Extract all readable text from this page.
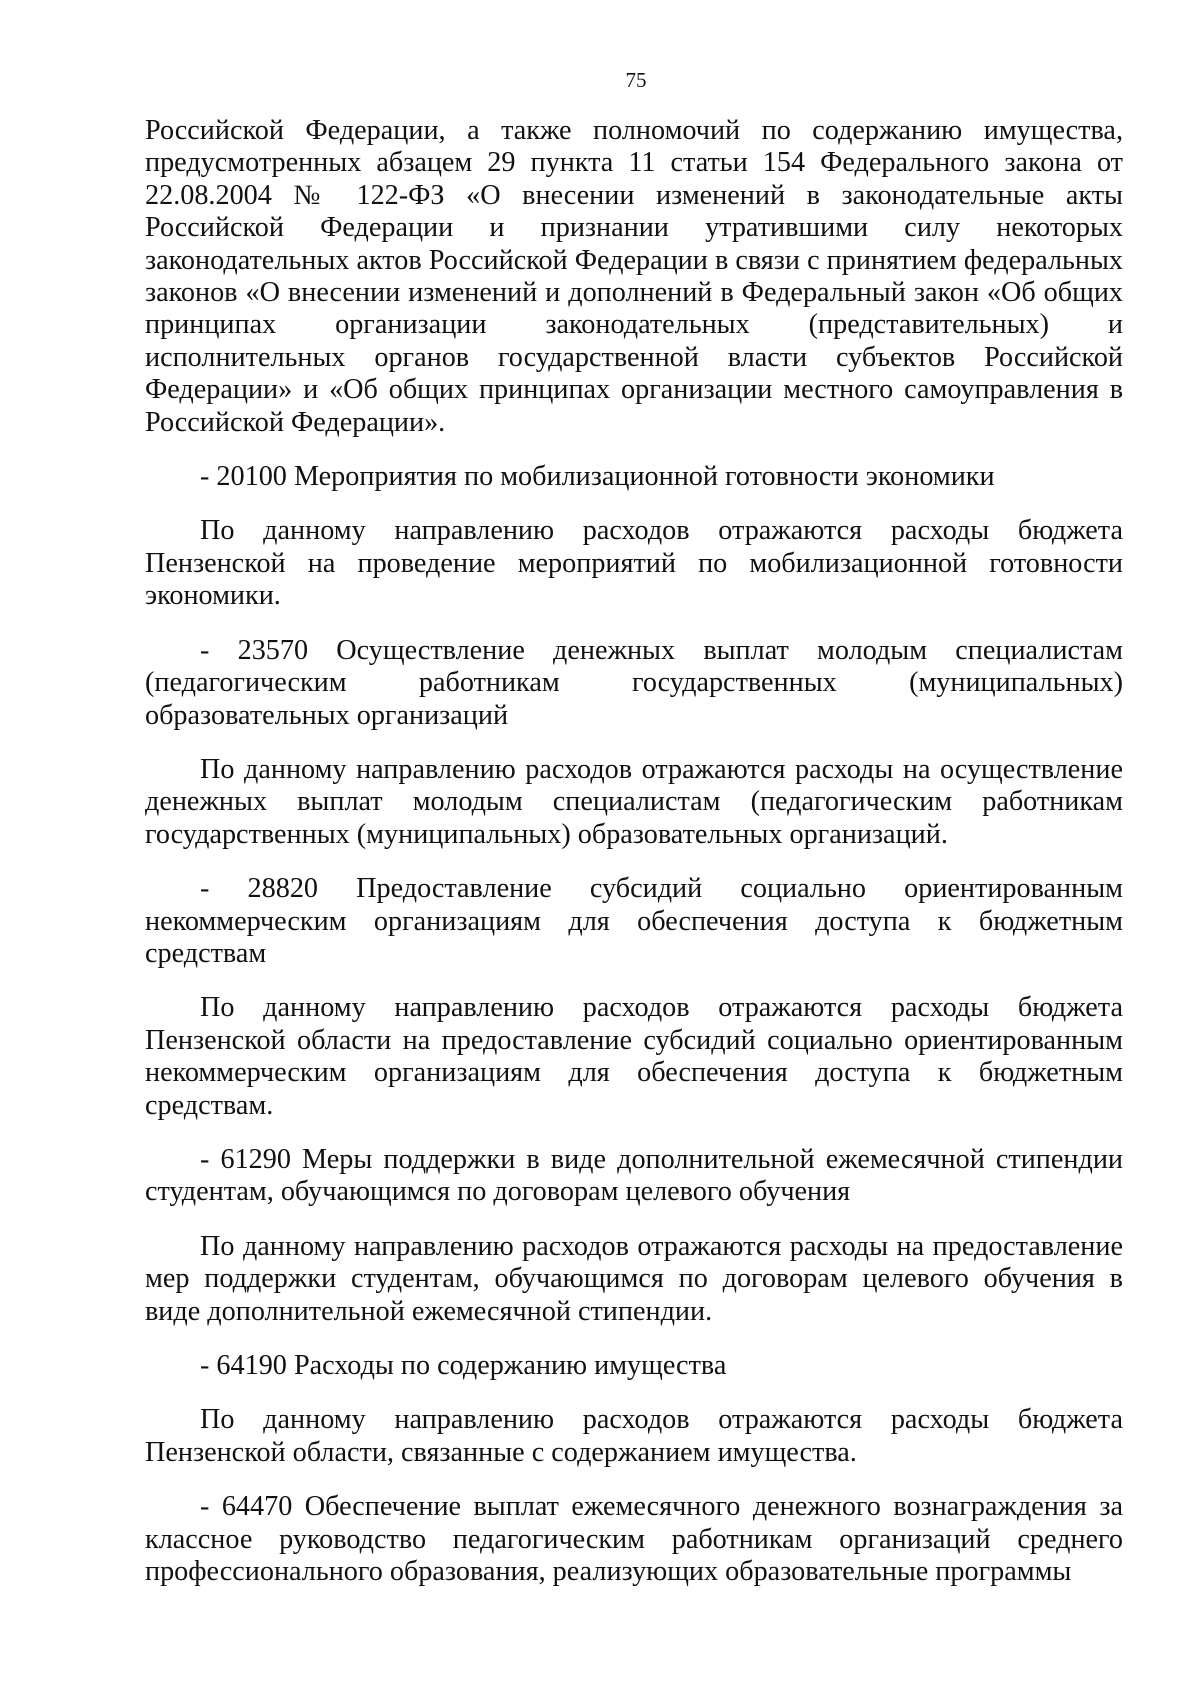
75

Российской Федерации, а также полномочий по содержанию имущества, предусмотренных абзацем 29 пункта 11 статьи 154 Федерального закона от 22.08.2004 № 122-ФЗ «О внесении изменений в законодательные акты Российской Федерации и признании утратившими силу некоторых законодательных актов Российской Федерации в связи с принятием федеральных законов «О внесении изменений и дополнений в Федеральный закон «Об общих принципах организации законодательных (представительных) и исполнительных органов государственной власти субъектов Российской Федерации» и «Об общих принципах организации местного самоуправления в Российской Федерации».

- 20100 Мероприятия по мобилизационной готовности экономики

По данному направлению расходов отражаются расходы бюджета Пензенской на проведение мероприятий по мобилизационной готовности экономики.

- 23570 Осуществление денежных выплат молодым специалистам (педагогическим работникам государственных (муниципальных) образовательных организаций

По данному направлению расходов отражаются расходы на осуществление денежных выплат молодым специалистам (педагогическим работникам государственных (муниципальных) образовательных организаций.

- 28820 Предоставление субсидий социально ориентированным некоммерческим организациям для обеспечения доступа к бюджетным средствам

По данному направлению расходов отражаются расходы бюджета Пензенской области на предоставление субсидий социально ориентированным некоммерческим организациям для обеспечения доступа к бюджетным средствам.

- 61290 Меры поддержки в виде дополнительной ежемесячной стипендии студентам, обучающимся по договорам целевого обучения

По данному направлению расходов отражаются расходы на предоставление мер поддержки студентам, обучающимся по договорам целевого обучения в виде дополнительной ежемесячной стипендии.

- 64190 Расходы по содержанию имущества

По данному направлению расходов отражаются расходы бюджета Пензенской области, связанные с содержанием имущества.

- 64470 Обеспечение выплат ежемесячного денежного вознаграждения за классное руководство педагогическим работникам организаций среднего профессионального образования, реализующих образовательные программы
